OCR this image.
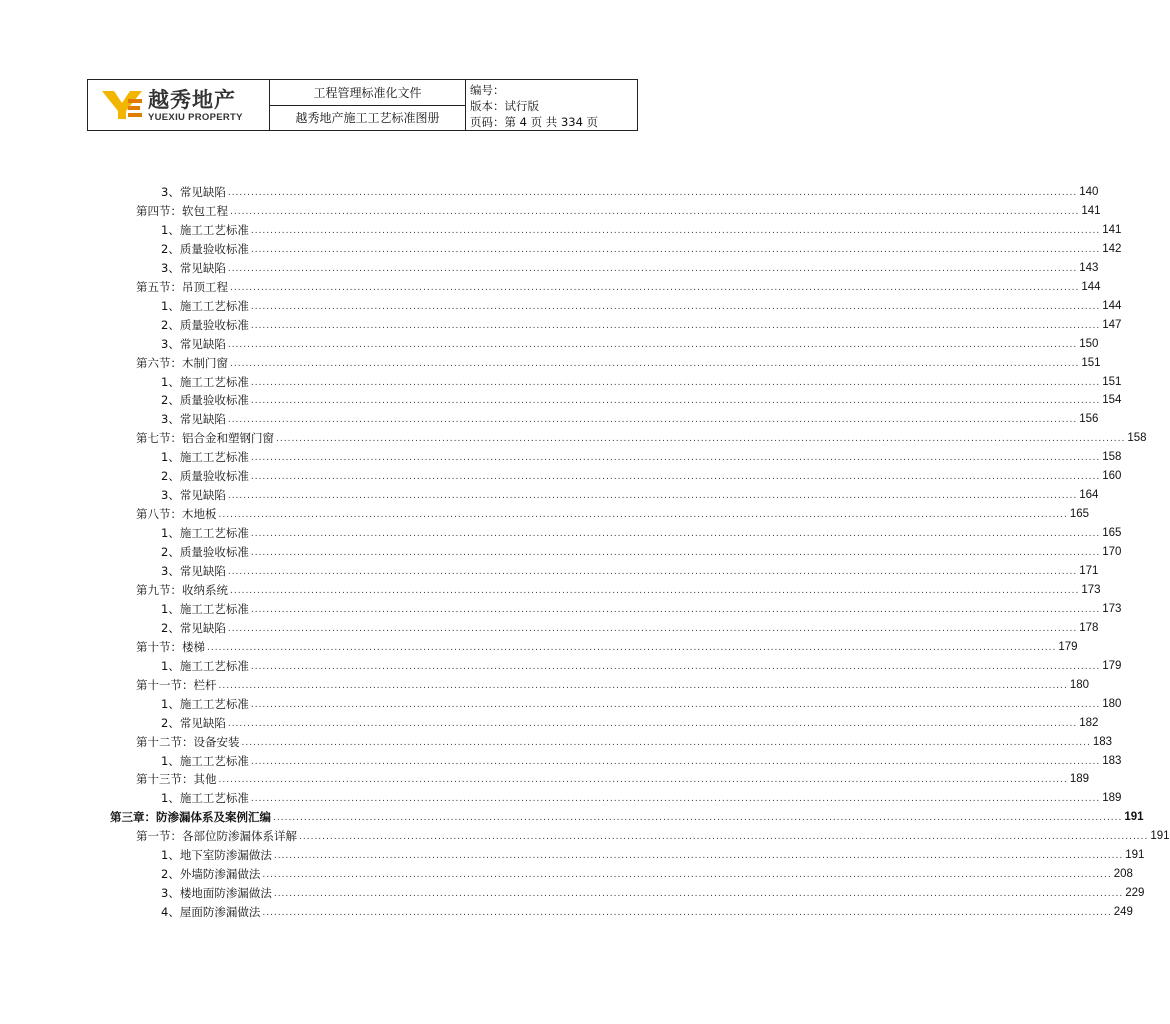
越秀地产
YUEXIU PROPERTY
工程管理标准化文件
越秀地产施工工艺标准图册
编号：
版本：试行版
页码：第 4 页 共 334 页
3、常见缺陷 ............................................................................................................................................................................................................................ 140
第四节：软包工程 ............................................................................................................................................................................................................................ 141
1、施工工艺标准 ............................................................................................................................................................................................................................ 141
2、质量验收标准 ............................................................................................................................................................................................................................ 142
3、常见缺陷 ............................................................................................................................................................................................................................ 143
第五节：吊顶工程 ............................................................................................................................................................................................................................ 144
1、施工工艺标准 ............................................................................................................................................................................................................................ 144
2、质量验收标准 ............................................................................................................................................................................................................................ 147
3、常见缺陷 ............................................................................................................................................................................................................................ 150
第六节：木制门窗 ............................................................................................................................................................................................................................ 151
1、施工工艺标准 ............................................................................................................................................................................................................................ 151
2、质量验收标准 ............................................................................................................................................................................................................................ 154
3、常见缺陷 ............................................................................................................................................................................................................................ 156
第七节：铝合金和塑钢门窗 ............................................................................................................................................................................................................................ 158
1、施工工艺标准 ............................................................................................................................................................................................................................ 158
2、质量验收标准 ............................................................................................................................................................................................................................ 160
3、常见缺陷 ............................................................................................................................................................................................................................ 164
第八节：木地板 ............................................................................................................................................................................................................................ 165
1、施工工艺标准 ............................................................................................................................................................................................................................ 165
2、质量验收标准 ............................................................................................................................................................................................................................ 170
3、常见缺陷 ............................................................................................................................................................................................................................ 171
第九节：收纳系统 ............................................................................................................................................................................................................................ 173
1、施工工艺标准 ............................................................................................................................................................................................................................ 173
2、常见缺陷 ............................................................................................................................................................................................................................ 178
第十节：楼梯 ............................................................................................................................................................................................................................ 179
1、施工工艺标准 ............................................................................................................................................................................................................................ 179
第十一节：栏杆 ............................................................................................................................................................................................................................ 180
1、施工工艺标准 ............................................................................................................................................................................................................................ 180
2、常见缺陷 ............................................................................................................................................................................................................................ 182
第十二节：设备安装 ............................................................................................................................................................................................................................ 183
1、施工工艺标准 ............................................................................................................................................................................................................................ 183
第十三节：其他 ............................................................................................................................................................................................................................ 189
1、施工工艺标准 ............................................................................................................................................................................................................................ 189
第三章：防渗漏体系及案例汇编 ............................................................................................................................................................................................................................ 191
第一节：各部位防渗漏体系详解 ............................................................................................................................................................................................................................ 191
1、地下室防渗漏做法 ............................................................................................................................................................................................................................ 191
2、外墙防渗漏做法 ............................................................................................................................................................................................................................ 208
3、楼地面防渗漏做法 ............................................................................................................................................................................................................................ 229
4、屋面防渗漏做法 ............................................................................................................................................................................................................................ 249
